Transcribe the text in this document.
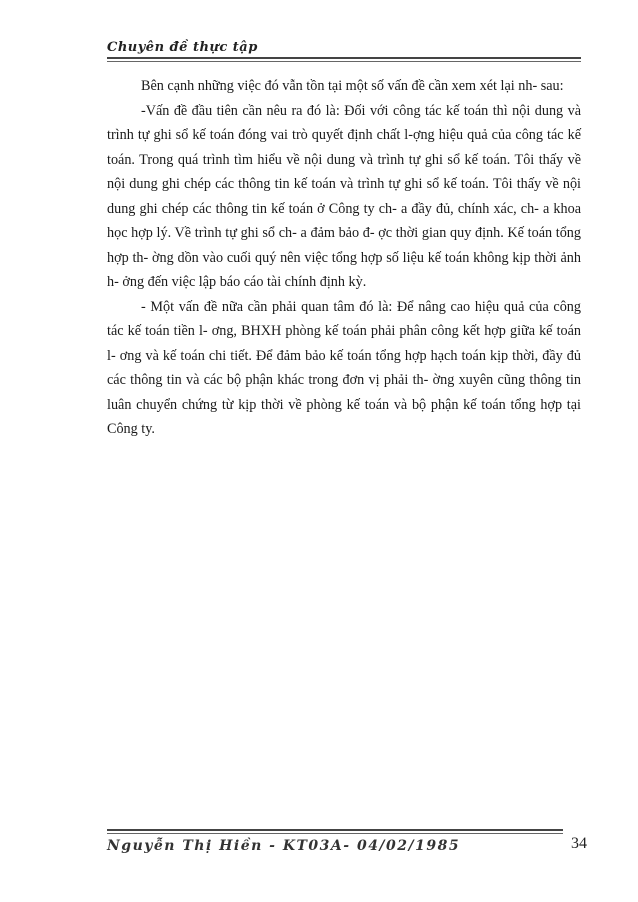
Chuyên đề thực tập

Bên cạnh những việc đó vẫn tồn tại một số vấn đề cần xem xét lại nh- sau:

-Vấn đề đầu tiên cần nêu ra đó là: Đối với công tác kế toán thì nội dung và trình tự ghi sổ kế toán đóng vai trò quyết định chất l-ợng hiệu quả của công tác kế toán. Trong quá trình tìm hiểu về nội dung và trình tự ghi sổ kế toán. Tôi thấy về nội dung ghi chép các thông tin kế toán và trình tự ghi sổ kế toán. Tôi thấy về nội dung ghi chép các thông tin kế toán ở Công ty ch- a đầy đủ, chính xác, ch- a khoa học hợp lý. Về trình tự ghi sổ ch- a đảm bảo đ- ợc thời gian quy định. Kế toán tổng hợp th- ờng dồn vào cuối quý nên việc tổng hợp số liệu kế toán không kịp thời ảnh h- ởng đến việc lập báo cáo tài chính định kỳ.

- Một vấn đề nữa cần phải quan tâm đó là: Để nâng cao hiệu quả của công tác kế toán tiền l- ơng, BHXH phòng kế toán phải phân công kết hợp giữa kế toán l- ơng và kế toán chi tiết. Để đảm bảo kế toán tổng hợp hạch toán kịp thời, đầy đủ các thông tin và các bộ phận khác trong đơn vị phải th- ờng xuyên cũng thông tin luân chuyển chứng từ kịp thời về phòng kế toán và bộ phận kế toán tổng hợp tại Công ty.

Nguyễn Thị Hiền - KT03A- 04/02/1985	34
